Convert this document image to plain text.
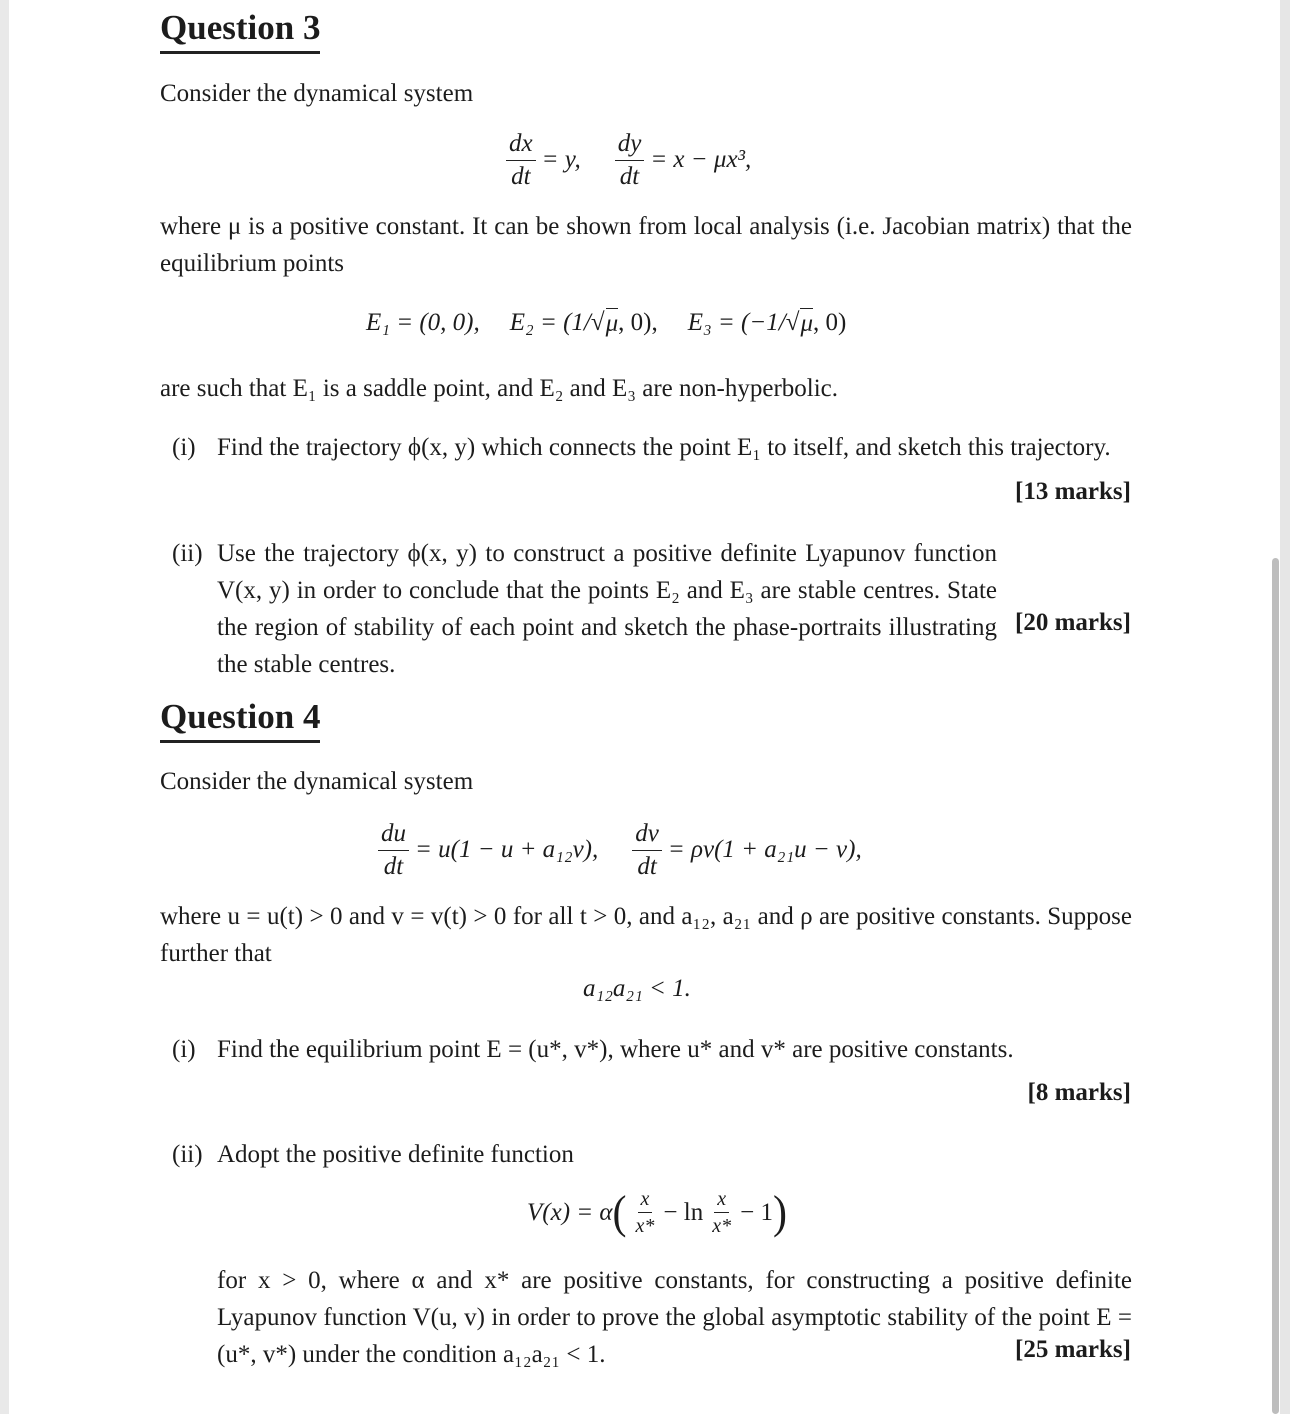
Question 3
Consider the dynamical system
$\frac{dx}{dt} = y$, $\frac{dy}{dt} = x - \mu x^3$,
where μ is a positive constant. It can be shown from local analysis (i.e. Jacobian matrix) that the equilibrium points
E₁ = (0, 0), E₂ = (1/ √ μ , 0), E₃ = (−1/ √ μ , 0)
are such that E₁ is a saddle point, and E₂ and E₃ are non-hyperbolic.
(i) Find the trajectory ϕ(x, y) which connects the point E₁ to itself, and sketch this trajectory.
[13 marks]
(ii) Use the trajectory ϕ(x, y) to construct a positive definite Lyapunov function V(x, y) in order to conclude that the points E₂ and E₃ are stable centres. State the region of stability of each point and sketch the phase-portraits illustrating the stable centres.
[20 marks]
Question 4
Consider the dynamical system
$\frac{du}{dt} = u(1 - u + a_{12}v)$, $\frac{dv}{dt} = \rho v(1 + a_{21}u - v)$,
where u = u(t) > 0 and v = v(t) > 0 for all t > 0, and a₁₂, a₂₁ and ρ are positive constants. Suppose further that
a₁₂a₂₁ < 1.
(i) Find the equilibrium point E = (u*, v*), where u* and v* are positive constants.
[8 marks]
(ii) Adopt the positive definite function
V(x) = α ( $\frac{x}{x*} - \ln \frac{x}{x*} - 1$ )
for x > 0, where α and x* are positive constants, for constructing a positive definite Lyapunov function V(u, v) in order to prove the global asymptotic stability of the point E = (u*, v*) under the condition a₁₂a₂₁ < 1.	[25 marks]
